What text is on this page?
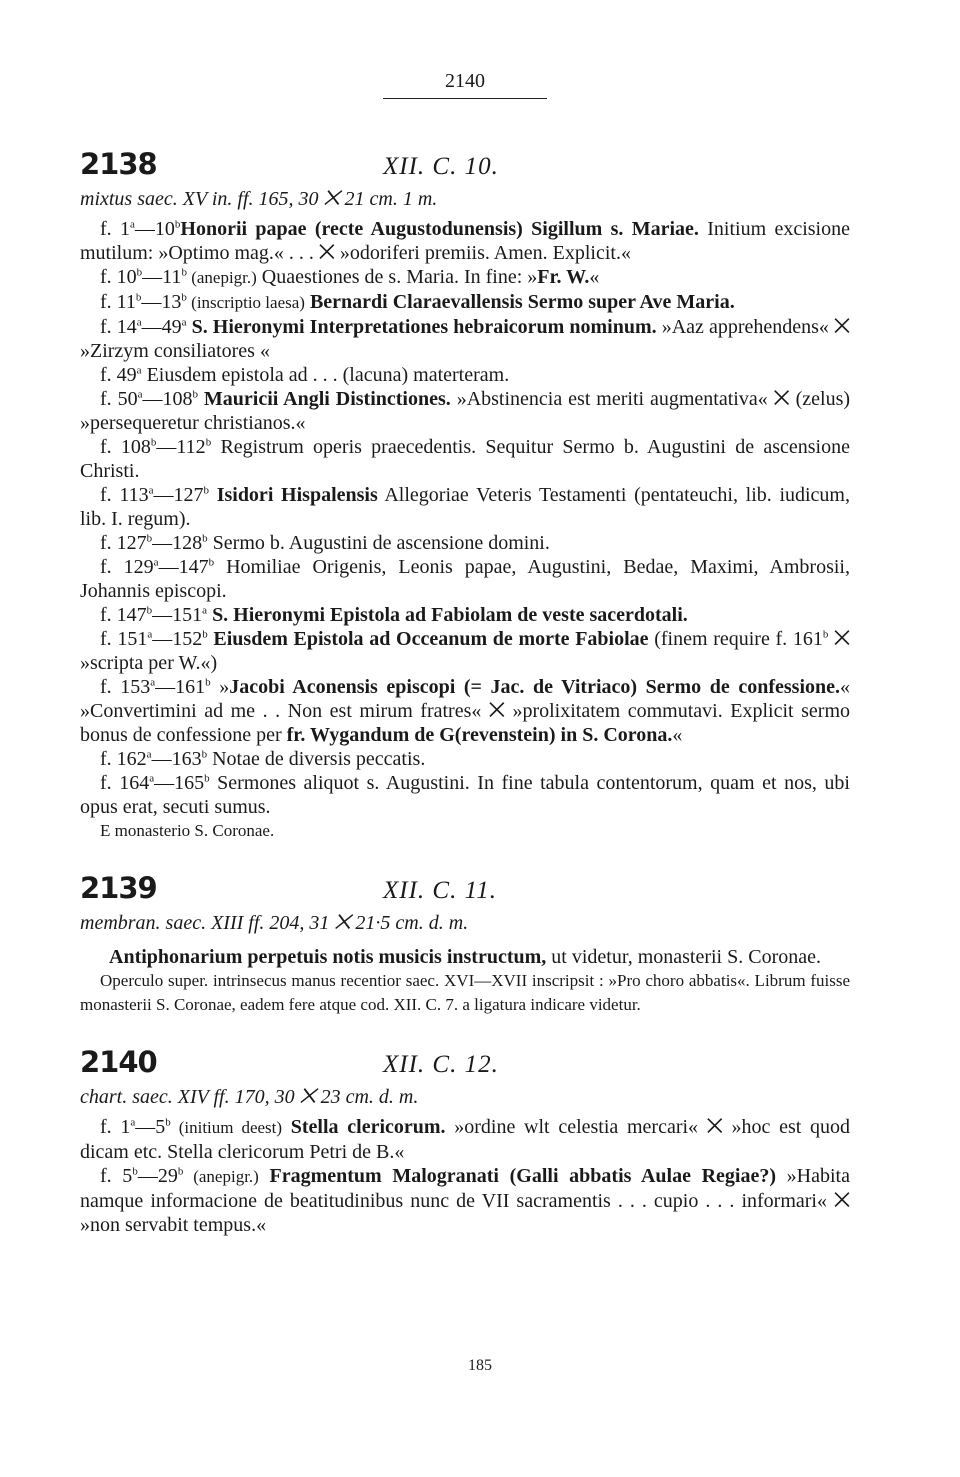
2140
2138	XII. C. 10.
mixtus saec. XV in. ff. 165, 30 ⨉ 21 cm. 1 m.

f. 1$^a$—10$^b$Honorii papae (recte Augustodunensis) Sigillum s. Mariae. Initium excisione mutilum: »Optimo mag.« . . . ⨉ »odoriferi premiis. Amen. Explicit.«

f. 10$^b$—11$^b$ (anepigr.) Quaestiones de s. Maria. In fine: »Fr. W.«

f. 11$^b$—13$^b$ (inscriptio laesa) Bernardi Claraevallensis Sermo super Ave Maria.

f. 14$^a$—49$^a$ S. Hieronymi Interpretationes hebraicorum nominum. »Aaz apprehendens« ⨉ »Zirzym consiliatores «

f. 49$^a$ Eiusdem epistola ad . . . (lacuna) materteram.

f. 50$^a$—108$^b$ Mauricii Angli Distinctiones. »Abstinencia est meriti augmentativa« ⨉ (zelus) »persequeretur christianos.«

f. 108$^b$—112$^b$ Registrum operis praecedentis. Sequitur Sermo b. Augustini de ascensione Christi.

f. 113$^a$—127$^b$ Isidori Hispalensis Allegoriae Veteris Testamenti (pentateuchi, lib. iudicum, lib. I. regum).

f. 127$^b$—128$^b$ Sermo b. Augustini de ascensione domini.

f. 129$^a$—147$^b$ Homiliae Origenis, Leonis papae, Augustini, Bedae, Maximi, Ambrosii, Johannis episcopi.

f. 147$^b$—151$^a$ S. Hieronymi Epistola ad Fabiolam de veste sacerdotali.

f. 151$^a$—152$^b$ Eiusdem Epistola ad Occeanum de morte Fabiolae (finem require f. 161$^b$ ⨉ »scripta per W.«)

f. 153$^a$—161$^b$ »Jacobi Aconensis episcopi (= Jac. de Vitriaco) Sermo de confessione.« »Convertimini ad me . . Non est mirum fratres« ⨉ »prolixitatem commutavi. Explicit sermo bonus de confessione per fr. Wygandum de G(revenstein) in S. Corona.«

f. 162$^a$—163$^b$ Notae de diversis peccatis.

f. 164$^a$—165$^b$ Sermones aliquot s. Augustini. In fine tabula contentorum, quam et nos, ubi opus erat, secuti sumus.

E monasterio S. Coronae.

2139	XII. C. 11.
membran. saec. XIII ff. 204, 31 ⨉ 21·5 cm. d. m.
Antiphonarium perpetuis notis musicis instructum, ut videtur, monasterii S. Coronae.

Operculo super. intrinsecus manus recentior saec. XVI—XVII inscripsit : »Pro choro abbatis«. Librum fuisse monasterii S. Coronae, eadem fere atque cod. XII. C. 7. a ligatura indicare videtur.

2140	XII. C. 12.
chart. saec. XIV ff. 170, 30 ⨉ 23 cm. d. m.

f. 1$^a$—5$^b$ (initium deest) Stella clericorum. »ordine wlt celestia mercari« ⨉ »hoc est quod dicam etc. Stella clericorum Petri de B.«

f. 5$^b$—29$^b$ (anepigr.) Fragmentum Malogranati (Galli abbatis Aulae Regiae?) »Habita namque informacione de beatitudinibus nunc de VII sacramentis . . . cupio . . . informari« ⨉ »non servabit tempus.«

185
